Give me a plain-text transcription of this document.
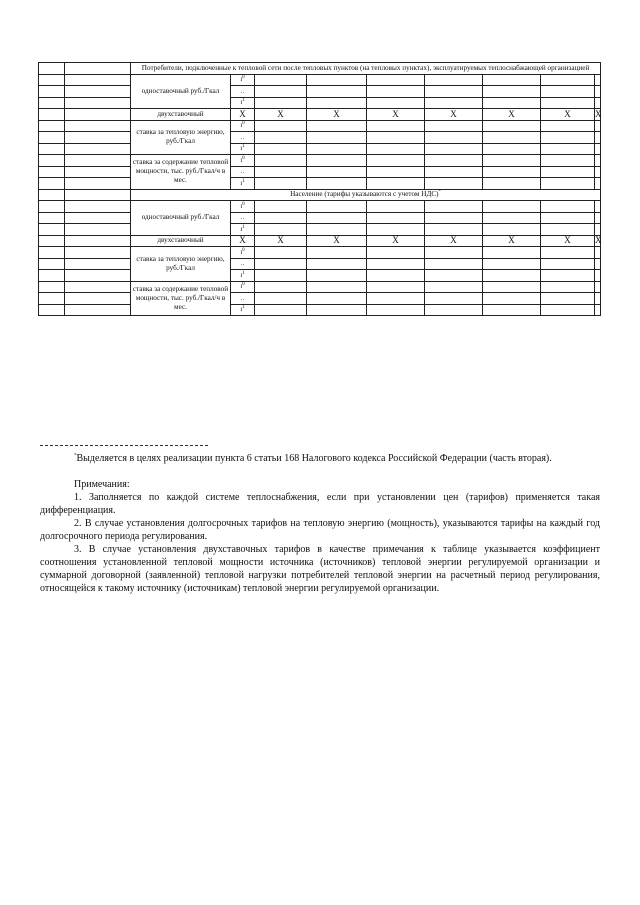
		Потребители, подключенные к тепловой сети после тепловых пунктов (на тепловых пунктах), эксплуатируемых теплоснабжающей организацией								
		одноставочный руб./Гкал	$i^0$							
			..							
			$i^1$							
		двухставочный	X	X	X	X	X	X	X	X
		ставка за тепловую энергию, руб./Гкал	$i^0$							
			..							
			$i^1$							
		ставка за содержание тепловой мощности, тыс. руб./Гкал/ч в мес.	$i^0$							
			..							
			$i^1$							
		Население (тарифы указываются с учетом НДС)*
		одноставочный руб./Гкал	$i^0$							
			..							
			$i^1$							
		двухставочный	X	X	X	X	X	X	X	X
		ставка за тепловую энергию, руб./Гкал	$i^0$							
			..							
			$i^1$							
		ставка за содержание тепловой мощности, тыс. руб./Гкал/ч в мес.	$i^0$							
			..							
			$i^1$							
*Выделяется в целях реализации пункта 6 статьи 168 Налогового кодекса Российской Федерации (часть вторая).
Примечания:
1. Заполняется по каждой системе теплоснабжения, если при установлении цен (тарифов) применяется такая дифференциация.
2. В случае установления долгосрочных тарифов на тепловую энергию (мощность), указываются тарифы на каждый год долгосрочного периода регулирования.
3. В случае установления двухставочных тарифов в качестве примечания к таблице указывается коэффициент соотношения установленной тепловой мощности источника (источников) тепловой энергии регулируемой организации и суммарной договорной (заявленной) тепловой нагрузки потребителей тепловой энергии на расчетный период регулирования, относящейся к такому источнику (источникам) тепловой энергии регулируемой организации.
